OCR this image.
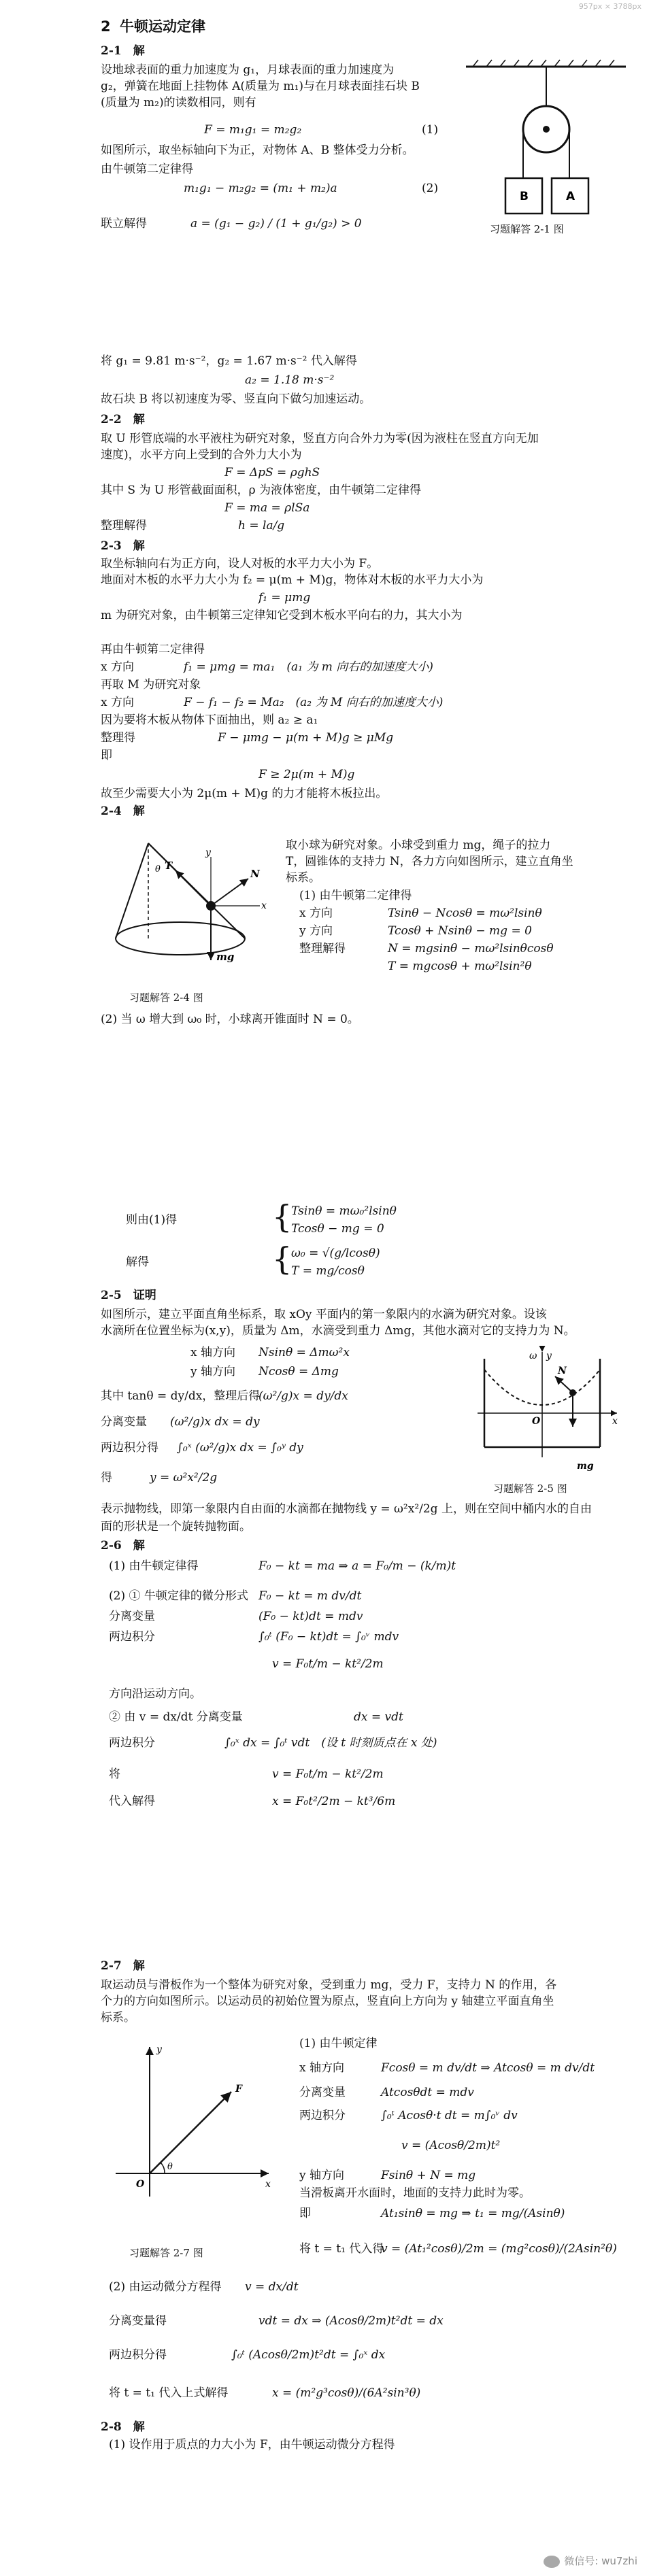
957px × 3788px
2 牛顿运动定律
2-1　解
设地球表面的重力加速度为 g₁，月球表面的重力加速度为
g₂，弹簧在地面上挂物体 A(质量为 m₁)与在月球表面挂石块 B
(质量为 m₂)的读数相同，则有
F = m₁g₁ = m₂g₂	(1)
如图所示，取坐标轴向下为正，对物体 A、B 整体受力分析。
由牛顿第二定律得
m₁g₁ − m₂g₂ = (m₁ + m₂)a	(2)
联立解得	a = (g₁ − g₂) / (1 + g₁/g₂) > 0
B	A
习题解答 2-1 图
将 g₁ = 9.81 m·s⁻²，g₂ = 1.67 m·s⁻² 代入解得
a₂ = 1.18 m·s⁻²
故石块 B 将以初速度为零、竖直向下做匀加速运动。
2-2　解
取 U 形管底端的水平液柱为研究对象，竖直方向合外力为零(因为液柱在竖直方向无加
速度)，水平方向上受到的合外力大小为
F = ΔpS = ρghS
其中 S 为 U 形管截面面积，ρ 为液体密度，由牛顿第二定律得
F = ma = ρlSa
整理解得	h = la/g
2-3　解
取坐标轴向右为正方向，设人对板的水平力大小为 F。
地面对木板的水平力大小为 f₂ = μ(m + M)g，物体对木板的水平力大小为
f₁ = μmg
m 为研究对象，由牛顿第三定律知它受到木板水平向右的力，其大小为
再由牛顿第二定律得
x 方向	f₁ = μmg = ma₁　(a₁ 为 m 向右的加速度大小)
再取 M 为研究对象
x 方向	F − f₁ − f₂ = Ma₂　(a₂ 为 M 向右的加速度大小)
因为要将木板从物体下面抽出，则 a₂ ≥ a₁
整理得	F − μmg − μ(m + M)g ≥ μMg
即
F ≥ 2μ(m + M)g
故至少需要大小为 2μ(m + M)g 的力才能将木板拉出。
2-4　解
T
N
mg
θ
y
x
习题解答 2-4 图
取小球为研究对象。小球受到重力 mg，绳子的拉力
T，圆锥体的支持力 N，各力方向如图所示，建立直角坐
标系。
(1) 由牛顿第二定律得
x 方向	Tsinθ − Ncosθ = mω²lsinθ
y 方向	Tcosθ + Nsinθ − mg = 0
整理解得	N = mgsinθ − mω²lsinθcosθ
T = mgcosθ + mω²lsin²θ
(2) 当 ω 增大到 ω₀ 时，小球离开锥面时 N = 0。
则由(1)得	{
Tsinθ = mω₀²lsinθ
Tcosθ − mg = 0
解得	{
ω₀ = √(g/lcosθ)
T = mg/cosθ
2-5　证明
如图所示，建立平面直角坐标系，取 xOy 平面内的第一象限内的水滴为研究对象。设该
水滴所在位置坐标为(x,y)，质量为 Δm，水滴受到重力 Δmg，其他水滴对它的支持力为 N。
x 轴方向 Nsinθ = Δmω²x
y 轴方向 Ncosθ = Δmg
其中 tanθ = dy/dx，整理后得
(ω²/g)x = dy/dx
分离变量 (ω²/g)x dx = dy
两边积分得 ∫₀ˣ (ω²/g)x dx = ∫₀ʸ dy
得	y = ω²x²/2g
y
ω
N
O	x
mg
习题解答 2-5 图
表示抛物线，即第一象限内自由面的水滴都在抛物线 y = ω²x²/2g 上，则在空间中桶内水的自由
面的形状是一个旋转抛物面。
2-6　解
(1) 由牛顿定律得	F₀ − kt = ma ⇒ a = F₀/m − (k/m)t
(2) ① 牛顿定律的微分形式 F₀ − kt = m dv/dt
分离变量	(F₀ − kt)dt = mdv
两边积分	∫₀ᵗ (F₀ − kt)dt = ∫₀ᵛ mdv
v = F₀t/m − kt²/2m
方向沿运动方向。
② 由 v = dx/dt 分离变量	dx = vdt
两边积分	∫₀ˣ dx = ∫₀ᵗ vdt　(设 t 时刻质点在 x 处)
将	v = F₀t/m − kt²/2m
代入解得	x = F₀t²/2m − kt³/6m
2-7　解
取运动员与滑板作为一个整体为研究对象，受到重力 mg，受力 F，支持力 N 的作用，各
个力的方向如图所示。以运动员的初始位置为原点，竖直向上方向为 y 轴建立平面直角坐
标系。
y
F
θ
O	x
习题解答 2-7 图
(1) 由牛顿定律
x 轴方向	Fcosθ = m dv/dt ⇒ Atcosθ = m dv/dt
分离变量	Atcosθdt = mdv
两边积分	∫₀ᵗ Acosθ·t dt = m∫₀ᵛ dv
v = (Acosθ/2m)t²
y 轴方向	Fsinθ + N = mg
当滑板离开水面时，地面的支持力此时为零。
即	At₁sinθ = mg ⇒ t₁ = mg/(Asinθ)
将 t = t₁ 代入得
v = (At₁²cosθ)/2m = (mg²cosθ)/(2Asin²θ)
(2) 由运动微分方程得 v = dx/dt
分离变量得	vdt = dx ⇒ (Acosθ/2m)t²dt = dx
两边积分得	∫₀ᵗ (Acosθ/2m)t²dt = ∫₀ˣ dx
将 t = t₁ 代入上式解得	x = (m²g³cosθ)/(6A²sin³θ)
2-8　解
(1) 设作用于质点的力大小为 F，由牛顿运动微分方程得
微信号: wu7zhi
